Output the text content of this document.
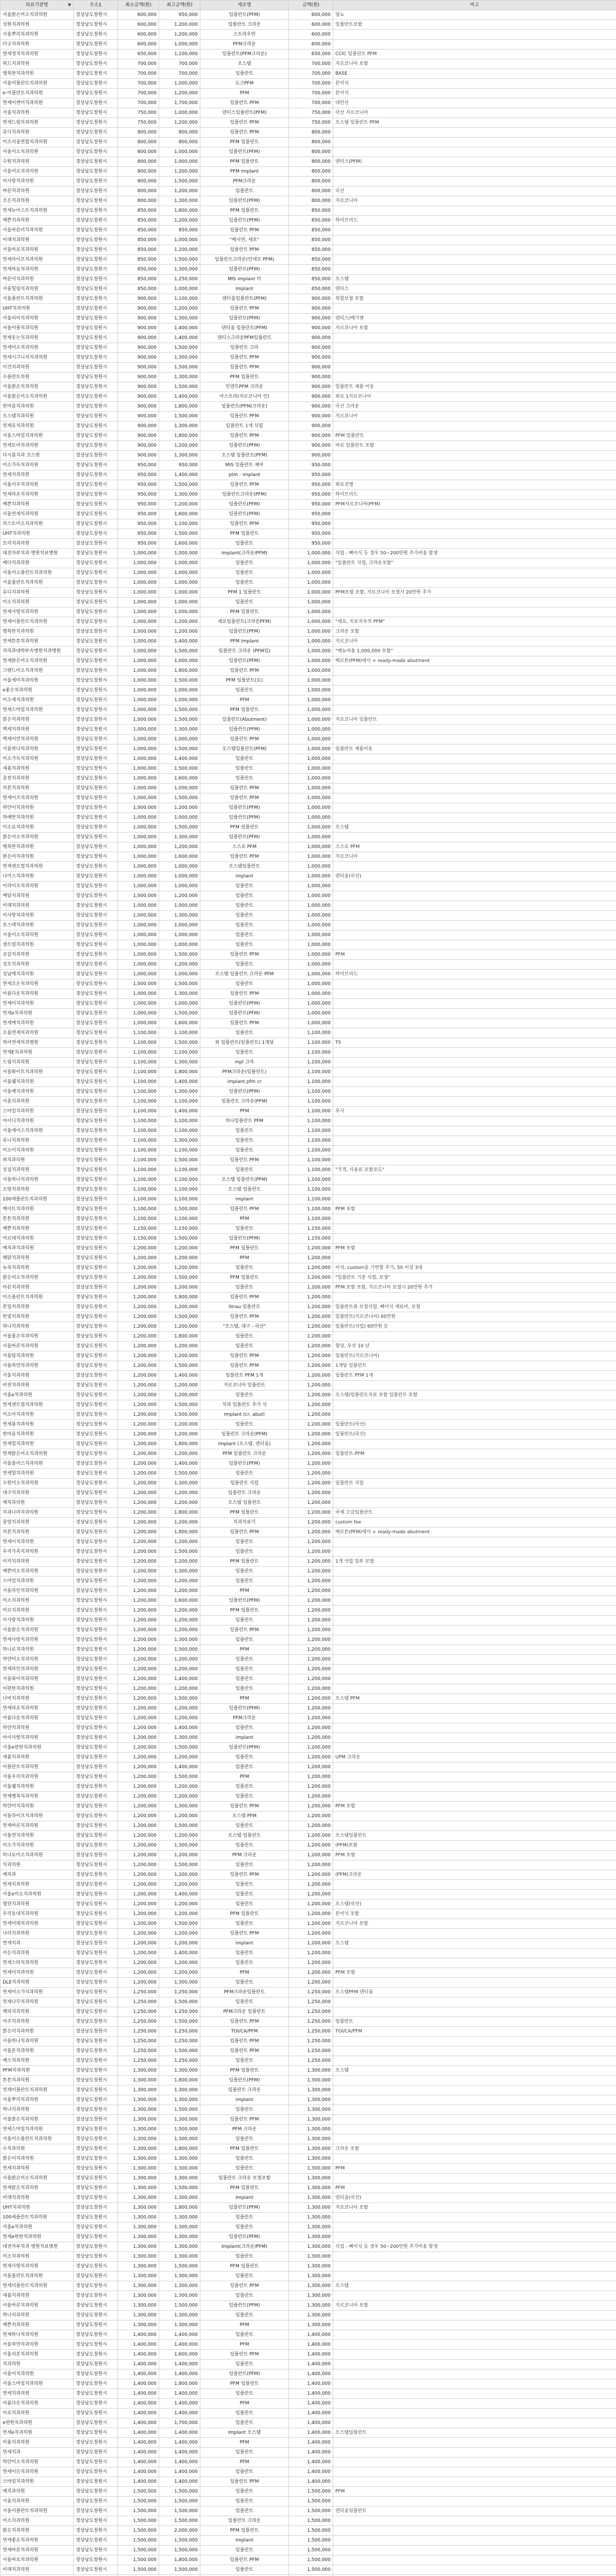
의료기관명 ▼	주소1	최소금액(원)	최고금액(원)	제조명	금액(원)	비고
서울밝은미소치과의원	경상남도창원시	600,000	950,000	임플란트(PFM)	600,000	당뇨
성원치과의원	경상남도창원시	600,000	1,200,000	임플란트 크라운	600,000	임플란트포함
서울뿌리치과의원	경상남도창원시	600,000	1,200,000	스트라우만	600,000	
더굿치과의원	경상남도창원시	600,000	1,000,000	PFM크라운	600,000	
연세정직치과의원	경상남도창원시	650,000	1,100,000	임플란트(PFM크라운)	650,000	CCIC 임플란트 PFM
위드치과의원	경상남도창원시	700,000	700,000	오스템	700,000	지르코니아 포함
행복한치과의원	경상남도창원시	700,000	700,000	임플란트	700,000	BASE
서울미플란트치과의원	경상남도창원시	700,000	1,000,000	도크PFM	700,000	본이식
e-미플란트치과의원	경상남도창원시	700,000	1,200,000	PFM	700,000	본이식
연세이앤미치과의원	경상남도창원시	700,000	1,700,000	임플란트 PFM	700,000	대만산
서울치과의원	경상남도창원시	750,000	1,000,000	덴티스임플란트(PFM)	750,000	국산 지르코니아
연세드림치과의원	경상남도창원시	750,000	1,200,000	임플란트 PFM	750,000	오스템 임플란트 PFM
유디치과의원	경상남도창원시	800,000	800,000	임플란트 PFM	800,000	
미소서울연합치과의원	경상남도창원시	800,000	800,000	PFM 임플란트	800,000	
서울미소치과의원	경상남도창원시	800,000	1,000,000	임플란트(PFM)	800,000	
수원치과의원	경상남도창원시	800,000	1,000,000	PFM 임플란트	800,000	덴티스(PFM)
서울미르치과의원	경상남도창원시	800,000	1,200,000	PFM Implant	800,000	
이사랑치과의원	경상남도창원시	800,000	1,500,000	PFM크라운	800,000	
바른치과의원	경상남도창원시	800,000	1,200,000	임플란트	800,000	국산
조은치과의원	경상남도창원시	800,000	1,300,000	임플란트(PFM)	800,000	지르코니아
연세뉴이스트치과의원	경상남도창원시	850,000	1,800,000	PFM 임플란트	850,000	
예쁜치과의원	경상남도창원시	850,000	1,200,000	임플란트(PFM)	850,000	하이브리드
서울바른이치과의원	경상남도창원시	850,000	850,000	임플란트 PFM	850,000	
미래치과의원	경상남도창원시	850,000	1,000,000	"메시면, 세포"	850,000	
서울바로치과의원	경상남도창원시	850,000	1,200,000	임플란트 PFM	850,000	
연세라이프치과의원	경상남도창원시	850,000	1,500,000	임플란트크라운(인대모 PFM)	850,000	
연세하늘치과의원	경상남도창원시	850,000	1,300,000	임플란트(PFM)	850,000	
바른이치과의원	경상남도창원시	850,000	1,250,000	MIS implant 비	850,000	오스템
서울힐링치과의원	경상남도창원시	850,000	1,000,000	Implant	850,000	덴티스
서울플란트치과의원	경상남도창원시	900,000	1,100,000	덴티움임플란트(PFM)	900,000	복합보철 포함
UHT치과의원	경상남도창원시	900,000	1,200,000	임플란트 PFM	900,000	
서울피아치과의원	경상남도창원시	900,000	1,300,000	임플란트(PFM)	900,000	덴티스/메가젠
서울미플치과의원	경상남도창원시	900,000	1,400,000	덴티움 임플란트(PFM)	900,000	지르코니아 포함
연세웃는치과의원	경상남도창원시	900,000	1,400,000	덴티스크라운PFM임플란트	900,000	
연세미소치과의원	경상남도창원시	900,000	1,500,000	임플란트 크라	900,000	
연세시그니처치과의원	경상남도창원시	900,000	1,300,000	임플란트 PFM	900,000	
이건치과의원	경상남도창원시	900,000	1,500,000	임플란트 PFM	900,000	
수플란트의원	경상남도창원시	900,000	1,300,000	PFM 임플란트	900,000	
서울밝은치과의원	경상남도창원시	900,000	1,500,000	인덴트PFM 크라운	900,000	임플란트 제품 이동
서울밝은미소치과의원	경상남도창원시	900,000	1,400,000	아스트라(지르코니아 인)	900,000	위로 1지르코니아
한마음치과의원	경상남도창원시	900,000	1,800,000	임플란트(PFM/크라운)	900,000	국산 크라운
오스템치과의원	경상남도창원시	900,000	1,500,000	임플란트 PFM	900,000	지르코니아
연세유치과의원	경상남도창원시	900,000	1,300,000	임플란트 1개 식립	900,000	
서울스마일치과의원	경상남도창원시	900,000	1,800,000	임플란트 PFM	900,000	PFM 임플란트
연세모아치과의원	경상남도창원시	900,000	1,200,000	임플란트(PFM)	900,000	바로 임플란트 포함
다시봄치과 코스원	경상남도창원시	900,000	1,300,000	오스템 임플란트(PFM)	900,000	
미소가득치과의원	경상남도창원시	950,000	950,000	MIS 임플란트 제어	950,000	
연세치과의원	경상남도창원시	950,000	1,400,000	ptm - implant	950,000	
서울이주치과의원	경상남도창원시	950,000	1,500,000	임플란트 PFM	950,000	위로진행
연세라온치과의원	경상남도창원시	950,000	1,300,000	임플란트크라운(PFM)	950,000	하이브리드
예쁜치과의원	경상남도창원시	950,000	1,200,000	임플란트(PFM)	950,000	PFM지르코니아(PFM)
서울연세치과의원	경상남도창원시	950,000	1,600,000	임플란트(PFM)	950,000	
퍼스트미소치과의원	경상남도창원시	950,000	1,100,000	임플란트 PFM	950,000	
UHT치과의원	경상남도창원시	950,000	1,500,000	PFM 임플란트	950,000	
모리치과의원	경상남도창원시	950,000	1,600,000	임플란트	950,000	
대전자부치과 병원치료병원	경상남도창원시	1,000,000	1,000,000	Implant(크라운/PFM)	1,000,000	식립 - 뼈이식 등 경우 50~200만원 추가비용 발생
예다치과의원	경상남도창원시	1,000,000	1,000,000	임플란트	1,000,000	"임플란트 식립, 크라운포함"
서울미소플란트치과의원	경상남도창원시	1,000,000	1,000,000	임플란트	1,000,000	
서울플란트치과의원	경상남도창원시	1,000,000	1,000,000	임플란트	1,000,000	
유디치과의원	경상남도창원시	1,000,000	1,000,000	PFM 1 임플란트	1,000,000	PFM포함 포함, 지르코니아 보철시 20만원 추가
미소치과의원	경상남도창원시	1,000,000	1,000,000	임플란트	1,000,000	
연세사랑치과의원	경상남도창원시	1,000,000	1,000,000	PFM 임플란트	1,000,000	
연세이플란트치과의원	경상남도창원시	1,000,000	1,200,000	세요임플란트(크라운PFM)	1,000,000	"세요, 치료지속적 PFM"
행복한치과의원	경상남도창원시	1,000,000	1,200,000	임플란트(PFM)	1,000,000	크라운 포함
연세튼튼치과의원	경상남도창원시	1,000,000	1,400,000	PFM Implant	1,000,000	지르코니아
치의과대학부속병원치과병원	경상남도창원시	1,000,000	1,500,000	임플란트 크라운 (PFM임)	1,000,000	"메뉴비용 1,000,000 포함"
연세밝은미소치과의원	경상남도창원시	1,000,000	1,000,000	임플란트(PFM)	1,000,000	메르튼(PFM)에서 + ready-made abutment
그랜드미소치과의원	경상남도창원시	1,000,000	1,800,000	임플란트 PFM	1,000,000	
서울세미치과의원	경상남도창원시	1,000,000	1,500,000	PFM 임플란트(로)	1,000,000	
e좋은치과의원	경상남도창원시	1,000,000	1,000,000	임플란트	1,000,000	
미소세치과의원	경상남도창원시	1,000,000	1,000,000	PFM	1,000,000	
연세스마일치과의원	경상남도창원시	1,000,000	1,500,000	PFM 임플란트	1,000,000	
밝은치과의원	경상남도창원시	1,000,000	1,500,000	임플란트(Abutment)	1,000,000	지르코니아 임플란트
백세치과의원	경상남도창원시	1,000,000	1,300,000	임플란트(PFM)	1,000,000	
백세이안치과의원	경상남도창원시	1,000,000	1,000,000	임플란트 PFM	1,000,000	
서울하나치과의원	경상남도창원시	1,000,000	1,500,000	오스템임플란트(PFM)	1,000,000	임플란트 제품이동
미소가득치과의원	경상남도창원시	1,000,000	1,400,000	임플란트	1,000,000	
새봄치과의원	경상남도창원시	1,000,000	1,500,000	임플란트	1,000,000	
춘천치과의원	경상남도창원시	1,000,000	1,600,000	임플란트	1,000,000	
리본치과의원	경상남도창원시	1,000,000	1,000,000	임플란트 PFM	1,000,000	
연세이즈치과의원	경상남도창원시	1,000,000	1,500,000	임플란트 PFM	1,000,000	
하얀이치과의원	경상남도창원시	1,000,000	1,200,000	임플란트(PFM)	1,000,000	
하예반치과의원	경상남도창원시	1,000,000	1,000,000	임플란트(PFM)	1,000,000	
미소로치과의원	경상남도창원시	1,000,000	1,500,000	PFM 임플란트	1,000,000	오스템
밝은미소치과의원	경상남도창원시	1,000,000	1,300,000	임플란트(PFM)	1,000,000	
행복한치과의원	경상남도창원시	1,000,000	1,200,000	스스로 PFM	1,000,000	스스로 PFM
밝은미치과의원	경상남도창원시	1,000,000	1,600,000	임플란트 PFM	1,000,000	지르코니아
연세센트럴치과의원	경상남도창원시	1,000,000	1,000,000	오스템임플란트	1,000,000	
나이스치과의원	경상남도창원시	1,000,000	1,000,000	implant	1,000,000	덴티움(국산)
이라이프치과의원	경상남도창원시	1,000,000	1,000,000	임플란트	1,000,000	
예담치과의원	경상남도창원시	1,000,000	1,200,000	임플란트	1,000,000	
미래치과의원	경상남도창원시	1,000,000	1,000,000	임플란트	1,000,000	
이사랑치과의원	경상남도창원시	1,000,000	1,300,000	임플란트	1,000,000	
포스텍치과의원	경상남도창원시	1,000,000	1,000,000	임플란트	1,000,000	
서울미소치과의원	경상남도창원시	1,000,000	1,000,000	임플란트	1,000,000	
센트럴치과의원	경상남도창원시	1,000,000	1,000,000	임플란트	1,000,000	
공감치과의원	경상남도창원시	1,000,000	1,500,000	임플란트 PFM	1,000,000	PFM
성모치과의원	경상남도창원시	1,000,000	1,200,000	임플란트	1,000,000	
성남에치과의원	경상남도창원시	1,000,000	1,000,000	오스템 임플란트 크라운 PFM	1,000,000	하이브리드
연세조은치과의원	경상남도창원시	1,000,000	1,500,000	임플란트	1,000,000	
아름다운치과의원	경상남도창원시	1,000,000	1,300,000	임플란트 PFM	1,000,000	
연세미치과의원	경상남도창원시	1,000,000	1,000,000	임플란트(PFM)	1,000,000	
연세e치과의원	경상남도창원시	1,000,000	1,500,000	임플란트(PFM)	1,000,000	
연세예치과의원	경상남도창원시	1,000,000	1,600,000	임플란트 PFM	1,000,000	
오름연세치과의원	경상남도창원시	1,100,000	1,100,000	임플란트	1,100,000	
하이연세치과병원	경상남도창원시	1,100,000	1,500,000	외 임플란트(임플란트) 1개당	1,100,000	TS
연세E치과의원	경상남도창원시	1,100,000	1,100,000	임플란트	1,100,000	
드림치과의원	경상남도창원시	1,100,000	1,300,000	mpl 크라	1,100,000	
서울화이트치과의원	경상남도창원시	1,100,000	1,800,000	PFM크라운(임플란트)	1,100,000	
서울웰치과의원	경상남도창원시	1,100,000	1,400,000	implant pfm cr	1,100,000	
서울예치과의원	경상남도창원시	1,100,000	1,300,000	임플란트(PFM)	1,100,000	
서울치과의원	경상남도창원시	1,100,000	1,100,000	임플란트 크라운(PFM)	1,100,000	
스마일치과의원	경상남도창원시	1,100,000	1,400,000	PFM	1,100,000	루시
아이디치과의원	경상남도창원시	1,100,000	1,100,000	하나임플란트 PFM	1,100,000	
서울에이스치과의원	경상남도창원시	1,100,000	1,100,000	임플란트	1,100,000	
유니치과의원	경상남도창원시	1,100,000	1,300,000	임플란트	1,100,000	
미소이치과의원	경상남도창원시	1,100,000	1,100,000	임플란트	1,100,000	
위치과의원	경상남도창원시	1,100,000	1,500,000	임플란트 PFM	1,100,000	
성심치과의원	경상남도창원시	1,100,000	1,100,000	임플란트	1,100,000	"가격, 사용료 포함포도"
서울하나치과의원	경상남도창원시	1,100,000	1,100,000	오스템 임플란트(PFM)	1,100,000	
소망치과의원	경상남도창원시	1,100,000	1,100,000	오스템 임플란트	1,100,000	
100세플란트치과의원	경상남도창원시	1,100,000	1,100,000	implant	1,100,000	
메이트치과의원	경상남도창원시	1,100,000	1,500,000	임플란트 PFM	1,100,000	PFM 포함
튼튼치과의원	경상남도창원시	1,100,000	1,100,000	PFM	1,100,000	
예쁜치과의원	경상남도창원시	1,150,000	1,150,000	임플란트	1,150,000	
아르테치과의원	경상남도창원시	1,150,000	1,500,000	임플란트(PFM)	1,150,000	
예치과치과의원	경상남도창원시	1,200,000	1,200,000	PFM 임플란트	1,200,000	PFM 포함
해맑치과의원	경상남도창원시	1,200,000	1,200,000	PFM	1,200,000	
뉴욕치과의원	경상남도창원시	1,200,000	1,200,000	임플란트	1,200,000	이식, custom을 기반할 추가, 50 이상 3대
밝은미소치과의원	경상남도창원시	1,200,000	1,500,000	PFM 임플란트	1,200,000	"임플란트 기준 식립, 보철"
바른치과의원	경상남도창원시	1,200,000	1,200,000	임플란트	1,200,000	PFM 포함 포함, 지르코니아 보철시 20만원 추가
미소플란트치과의원	경상남도창원시	1,200,000	1,800,000	임플란트 PFM	1,200,000	
본일치과의원	경상남도창원시	1,200,000	1,200,000	Strau 임플란트	1,200,000	임플란트위 보철식립, 뼈이식 재료비, 보철
한빛치과의원	경상남도창원시	1,200,000	1,500,000	임플란트 PFM	1,200,000	임플란트(지르코니아) 60만원
하나치과의원	경상남도창원시	1,200,000	1,200,000	"오스템, 대구 - 국산"	1,200,000	임플란트(식립) 60만원 등
서울좋은치과의원	경상남도창원시	1,200,000	1,800,000	임플란트	1,200,000	
서울바른치과의원	경상남도창원시	1,200,000	1,200,000	임플란트	1,200,000	협상, 우선 10 년
서울탑치과의원	경상남도창원시	1,200,000	1,200,000	임플란트 PFM	1,200,000	임플란트(지르코니아)
서울하얀치과의원	경상남도창원시	1,200,000	1,500,000	임플란트 PFM	1,200,000	1개당 임플란트
서울치과의원	경상남도창원시	1,200,000	1,400,000	임플란트 PFM 1개	1,200,000	임플란트 PFM 1개
비전치과의원	경상남도창원시	1,200,000	1,200,000	지르코니아 임플란트	1,200,000	
서울e치과의원	경상남도창원시	1,200,000	1,200,000	임플란트	1,200,000	오스템/임플란트치료 포함 임플란트 포함
연세센트럴치과의원	경상남도창원시	1,200,000	1,500,000	치과 임플란트 추가 식	1,200,000	
미소아치과의원	경상남도창원시	1,200,000	1,500,000	Implant (cr, abut)	1,200,000	
연세봄치과의원	경상남도창원시	1,200,000	1,200,000	임플란트	1,200,000	임플란트(국산)
한마음치과의원	경상남도창원시	1,200,000	1,200,000	임플란트 크라운(PFM)	1,200,000	임플란트(국산)
연세힐치과의원	경상남도창원시	1,200,000	1,800,000	implant (오스템, 덴티움)	1,200,000	
연세밝은미소치과의원	경상남도창원시	1,200,000	1,200,000	PFM 임플란트 크라운	1,200,000	임플란트-PFM
서울플러스치과의원	경상남도창원시	1,200,000	1,400,000	임플란트(PFM)	1,200,000	
연세힐치과의원	경상남도창원시	1,200,000	1,500,000	임플란트	1,200,000	
수원미소치과의원	경상남도창원시	1,200,000	1,300,000	임플란트 식립	1,200,000	임플란트 식립
대구치과의원	경상남도창원시	1,200,000	1,200,000	임플란트 크라운	1,200,000	
예치과의원	경상남도창원시	1,200,000	1,200,000	오스템 임플란트	1,200,000	
치과나라치과의원	경상남도창원시	1,200,000	1,800,000	PFM 임플란트	1,200,000	국제 고급임플란트
중앙치과의원	경상남도창원시	1,200,000	1,200,000	치과치료기	1,200,000	custom fee
리본치과의원	경상남도창원시	1,200,000	1,800,000	임플란트 PFM	1,200,000	메르튼(PFM)에서 + ready-made abutment
연세이치과의원	경상남도창원시	1,200,000	1,200,000	임플란트	1,200,000	
우리가족치과의원	경상남도창원시	1,200,000	1,500,000	임플란트	1,200,000	
이지치과의원	경상남도창원시	1,200,000	1,200,000	PFM 임플란트	1,200,000	1개 식립 일부 보험
예쁜미소치과의원	경상남도창원시	1,200,000	1,300,000	임플란트	1,200,000	
스마일치과의원	경상남도창원시	1,200,000	1,200,000	임플란트	1,200,000	
서울라인치과의원	경상남도창원시	1,200,000	1,200,000	PFM	1,200,000	
미소치과의원	경상남도창원시	1,200,000	1,600,000	임플란트(PFM)	1,200,000	
미르치과의원	경상남도창원시	1,200,000	1,200,000	PFM 임플란트	1,200,000	
이사랑치과의원	경상남도창원시	1,200,000	1,200,000	임플란트	1,200,000	
서울밝은치과의원	경상남도창원시	1,200,000	1,200,000	임플란트 PFM	1,200,000	
연세사랑치과의원	경상남도창원시	1,200,000	1,300,000	임플란트	1,200,000	
하나로치과의원	경상남도창원시	1,200,000	1,500,000	PFM	1,200,000	
하얀미소치과의원	경상남도창원시	1,200,000	1,200,000	임플란트	1,200,000	
연세라인치과의원	경상남도창원시	1,200,000	1,200,000	임플란트	1,200,000	
서울와이치과의원	경상남도창원시	1,200,000	1,400,000	임플란트	1,200,000	
이편한치과의원	경상남도창원시	1,200,000	1,200,000	임플란트	1,200,000	
나비치과의원	경상남도창원시	1,200,000	1,500,000	PFM	1,200,000	오스템 PFM
연세라온치과의원	경상남도창원시	1,200,000	1,200,000	임플란트(PFM)	1,200,000	
아름다운치과의원	경상남도창원시	1,200,000	1,200,000	PFM크라운	1,200,000	
하얀치과의원	경상남도창원시	1,200,000	1,400,000	임플란트	1,200,000	
아이사랑치과의원	경상남도창원시	1,200,000	1,300,000	implant	1,200,000	
서울e편한치과의원	경상남도창원시	1,200,000	1,500,000	임플란트(PFM)	1,200,000	
새봄치과의원	경상남도창원시	1,200,000	1,200,000	임플란트	1,200,000	UPM 크라운
이플란트치과의원	경상남도창원시	1,200,000	1,400,000	임플란트	1,200,000	
서울우리치과의원	경상남도창원시	1,200,000	1,500,000	PFM	1,200,000	
서울웰치과의원	경상남도창원시	1,200,000	1,200,000	임플란트	1,200,000	
연세행복치과의원	경상남도창원시	1,200,000	1,200,000	임플란트	1,200,000	
하얀미치과의원	경상남도창원시	1,200,000	1,300,000	임플란트 PFM	1,200,000	PFM 포함
서울라이프치과의원	경상남도창원시	1,200,000	1,200,000	오스템 PFM	1,200,000	
연세바른치과의원	경상남도창원시	1,200,000	1,500,000	임플란트	1,200,000	
서울연치과의원	경상남도창원시	1,200,000	1,200,000	오스템 임플란트	1,200,000	오스템임플란트
미소가치과의원	경상남도창원시	1,200,000	1,300,000	임플란트	1,200,000	(PFM)포함
하나로미소치과의원	경상남도창원시	1,200,000	1,200,000	PFM 크라운	1,200,000	PFM 포함
치과의원	경상남도창원시	1,200,000	1,500,000	임플란트	1,200,000	
예치과	경상남도창원시	1,200,000	1,200,000	임플란트 PFM	1,200,000	(PFM)크라운
연세치과의원	경상남도창원시	1,200,000	1,200,000	임플란트	1,200,000	
서울e미소치과의원	경상남도창원시	1,200,000	1,400,000	임플란트	1,200,000	
열린치과의원	경상남도창원시	1,200,000	1,200,000	임플란트	1,200,000	오스템(국산)
우리동네치과의원	경상남도창원시	1,200,000	1,200,000	PFM 임플란트	1,200,000	본이식 포함
연세미래치과의원	경상남도창원시	1,200,000	1,500,000	임플란트	1,200,000	지르코니아 포함
나라치과의원	경상남도창원시	1,200,000	1,200,000	임플란트 PFM	1,200,000	
연세치과	경상남도창원시	1,200,000	1,200,000	implant	1,200,000	오스템
이든치과의원	경상남도창원시	1,200,000	1,400,000	임플란트	1,200,000	
연세스타치과의원	경상남도창원시	1,200,000	1,200,000	임플란트	1,200,000	
연세더치과의원	경상남도창원시	1,200,000	1,200,000	PFM	1,200,000	PFM 포함
DLE치과의원	경상남도창원시	1,200,000	1,300,000	임플란트	1,200,000	
연세미소가치과의원	경상남도창원시	1,250,000	1,250,000	PFM크라운임플란트	1,250,000	오스템PFM 덴티움
연세나무치과의원	경상남도창원시	1,250,000	1,500,000	임플란트	1,250,000	
해피치과의원	경상남도창원시	1,250,000	1,250,000	PFM크라운 임플란트	1,250,000	
아주치과의원	경상남도창원시	1,250,000	1,500,000	임플란트 PFM	1,250,000	임플란트
밝은미치과의원	경상남도창원시	1,250,000	1,250,000	TOI/CA/PFM	1,250,000	TOI/CA/PFM
서울하나치과의원	경상남도창원시	1,250,000	1,250,000	임플란트 PFM	1,250,000	
서울본치과의원	경상남도창원시	1,250,000	1,500,000	임플란트 PFM	1,250,000	
예스치과의원	경상남도창원시	1,250,000	1,250,000	임플란트	1,250,000	
PFM치과의원	경상남도창원시	1,300,000	1,300,000	PFM 임플란트	1,300,000	오스템
튼튼치과의원	경상남도창원시	1,300,000	1,800,000	임플란트(PFM)	1,300,000	
연세이플란트치과의원	경상남도창원시	1,300,000	1,300,000	임플란트 크라운	1,300,000	
서울뿌리치과의원	경상남도창원시	1,300,000	1,300,000	implant	1,300,000	
하나치과의원	경상남도창원시	1,300,000	1,500,000	임플란트	1,300,000	
서울밝은치과의원	경상남도창원시	1,300,000	1,300,000	임플란트 PFM	1,300,000	
연세스마일치과의원	경상남도창원시	1,300,000	1,500,000	PFM 크라운	1,300,000	
서울미소플란트치과의원	경상남도창원시	1,300,000	1,300,000	임플란트	1,300,000	
수치과의원	경상남도창원시	1,300,000	1,800,000	PFM 임플란트	1,300,000	크라운 포함
밝은이치과의원	경상남도창원시	1,300,000	1,300,000	임플란트	1,300,000	
연세치과의원	경상남도창원시	1,300,000	1,300,000	임플란트	1,300,000	PFM
서울밝은미소치과의원	경상남도창원시	1,300,000	1,300,000	임플란트 크라운 보철포함	1,300,000	
연세밝은치과의원	경상남도창원시	1,300,000	1,500,000	PFM 임플란트	1,300,000	PFM
미래치과의원	경상남도창원시	1,300,000	1,300,000	Implant	1,300,000	덴티움(국산)
UHT치과의원	경상남도창원시	1,300,000	1,800,000	임플란트(PFM)	1,300,000	지르코니아 포함
100세플란트치과의원	경상남도창원시	1,300,000	1,300,000	임플란트	1,300,000	
서울e치과의원	경상남도창원시	1,300,000	1,300,000	임플란트	1,300,000	
연세e편한치과의원	경상남도창원시	1,300,000	1,300,000	임플란트(PFM)	1,300,000	
대전자부치과 병원치료병원	경상남도창원시	1,300,000	1,300,000	Implant(크라운/PFM)	1,300,000	식립 - 뼈이식 등 경우 50~200만원 추가비용 발생
미소치과의원	경상남도창원시	1,300,000	1,300,000	임플란트	1,300,000	
연세사랑치과의원	경상남도창원시	1,300,000	1,500,000	PFM 임플란트	1,300,000	
서울플란트치과의원	경상남도창원시	1,300,000	1,300,000	임플란트	1,300,000	
연세더플란트치과의원	경상남도창원시	1,300,000	1,300,000	임플란트 PFM	1,300,000	오스템
새봄치과의원	경상남도창원시	1,300,000	1,300,000	임플란트	1,300,000	
서울바른치과의원	경상남도창원시	1,300,000	1,500,000	임플란트(PFM)	1,300,000	지르코니아 포함
하나치과의원	경상남도창원시	1,300,000	1,300,000	임플란트	1,300,000	
예쁜치과의원	경상남도창원시	1,300,000	1,300,000	PFM	1,300,000	
연세하나치과의원	경상남도창원시	1,400,000	1,400,000	임플란트	1,400,000	
서울하얀치과의원	경상남도창원시	1,400,000	1,400,000	PFM	1,400,000	
서울리본치과의원	경상남도창원시	1,400,000	1,600,000	임플란트 PFM	1,400,000	
치과의원	경상남도창원시	1,400,000	1,400,000	임플란트	1,400,000	
서울미치과의원	경상남도창원시	1,400,000	1,400,000	임플란트(PFM)	1,400,000	
서울스마일치과의원	경상남도창원시	1,400,000	1,800,000	PFM 임플란트	1,400,000	
연세치과의원	경상남도창원시	1,400,000	1,400,000	임플란트	1,400,000	
아름다운치과의원	경상남도창원시	1,400,000	1,400,000	PFM	1,400,000	
이로치과의원	경상남도창원시	1,400,000	1,400,000	임플란트	1,400,000	
e편한치과의원	경상남도창원시	1,400,000	1,700,000	임플란트	1,400,000	
연세e치과의원	경상남도창원시	1,400,000	1,400,000	Implant 오스템	1,400,000	오스템임플란트
이룸치과의원	경상남도창원시	1,400,000	1,400,000	PFM	1,400,000	
연세치과	경상남도창원시	1,400,000	1,400,000	임플란트	1,400,000	
하얀미소치과의원	경상남도창원시	1,400,000	1,400,000	PFM	1,400,000	
연세이든치과의원	경상남도창원시	1,400,000	1,400,000	임플란트	1,400,000	
스마일치과의원	경상남도창원시	1,400,000	1,400,000	임플란트 PFM	1,400,000	
예치과의원	경상남도창원시	1,500,000	1,500,000	임플란트	1,500,000	PFM
서울치과의원	경상남도창원시	1,500,000	1,500,000	임플란트	1,500,000	
서울이플란트치과의원	경상남도창원시	1,500,000	1,500,000	임플란트	1,500,000	덴티움임플란트
미소치과의원	경상남도창원시	1,500,000	1,500,000	임플란트 크라운	1,500,000	
밝은치과의원	경상남도창원시	1,500,000	2,000,000	PFM 임플란트	1,500,000	
연세좋은치과의원	경상남도창원시	1,500,000	1,500,000	Implant	1,500,000	
연세바른치과의원	경상남도창원시	1,500,000	1,500,000	임플란트	1,500,000	
서울바로치과의원	경상남도창원시	1,500,000	1,800,000	임플란트 PFM	1,500,000	
미래치과의원	경상남도창원시	1,500,000	1,500,000	임플란트	1,500,000	
